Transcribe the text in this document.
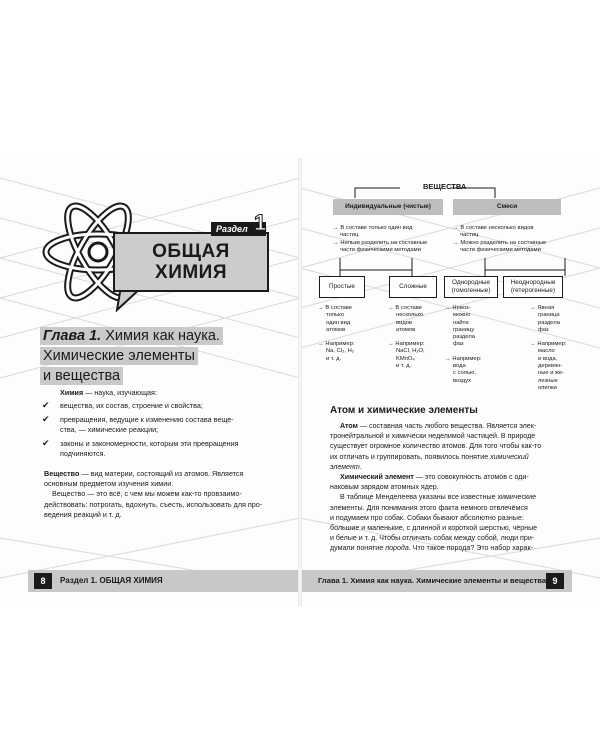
ОБЩАЯ
ХИМИЯ
Раздел 1
Глава 1. Химия как наука.
Химические элементы
и вещества
Химия — наука, изучающая:
✔ вещества, их состав, строение и свойства;

✔ превращения, ведущие к изменению состава веще-

ства, — химические реакции;

✔ законы и закономерности, которым эти превращения

подчиняются.

Вещество — вид материи, состоящий из атомов. Является

основным предметом изучения химии.

Вещество — это всё, с чем мы можем как-то провзаимо-

действовать: потрогать, вдохнуть, съесть, использовать для про-

ведения реакций и т. д.

ВЕЩЕСТВА
Индивидуальные (чистые)	Смеси
→ В составе только один вид
частиц
→ Нельзя разделить на составные
части физическими методами
→ В составе несколько видов
частиц
→ Можно разделить на составные
части физическими методами
Простые	Сложные
Однородные
(гомогенные)
Неоднородные
(гетерогенные)
→ В составе
только
один вид
атомов
→ Например:
Na, Cl₂, H₂
и т. д.
→ В составе
несколько
видов
атомов
→ Например:
NaCl, H₂O,
KMnO₄
и т. д.
→ Невоз-
можно
найти
границу
раздела
фаз
→ Например:
вода
с солью,
воздух
→ Явная
граница
раздела
фаз
→ Например:
масло
и вода,
деревян-
ные и же-
лезные
опилки
Атом и химические элементы

Атом — составная часть любого вещества. Является элек-

тронейтральной и химически неделимой частицей. В природе

существует огромное количество атомов. Для того чтобы как-то

их отличать и группировать, появилось понятие химический

элемент.

Химический элемент — это совокупность атомов с оди-

наковым зарядом атомных ядер.

В таблице Менделеева указаны все известные химические

элементы. Для понимания этого факта немного отвлечёмся

и подумаем про собак. Собаки бывают абсолютно разные:

большие и маленькие, с длинной и короткой шерстью, чёрные

и белые и т. д. Чтобы отличать собак между собой, люди при-

думали понятие порода. Что такое порода? Это набор харак-

8	Раздел 1. ОБЩАЯ ХИМИЯ	Глава 1. Химия как наука. Химические элементы и вещества 9
